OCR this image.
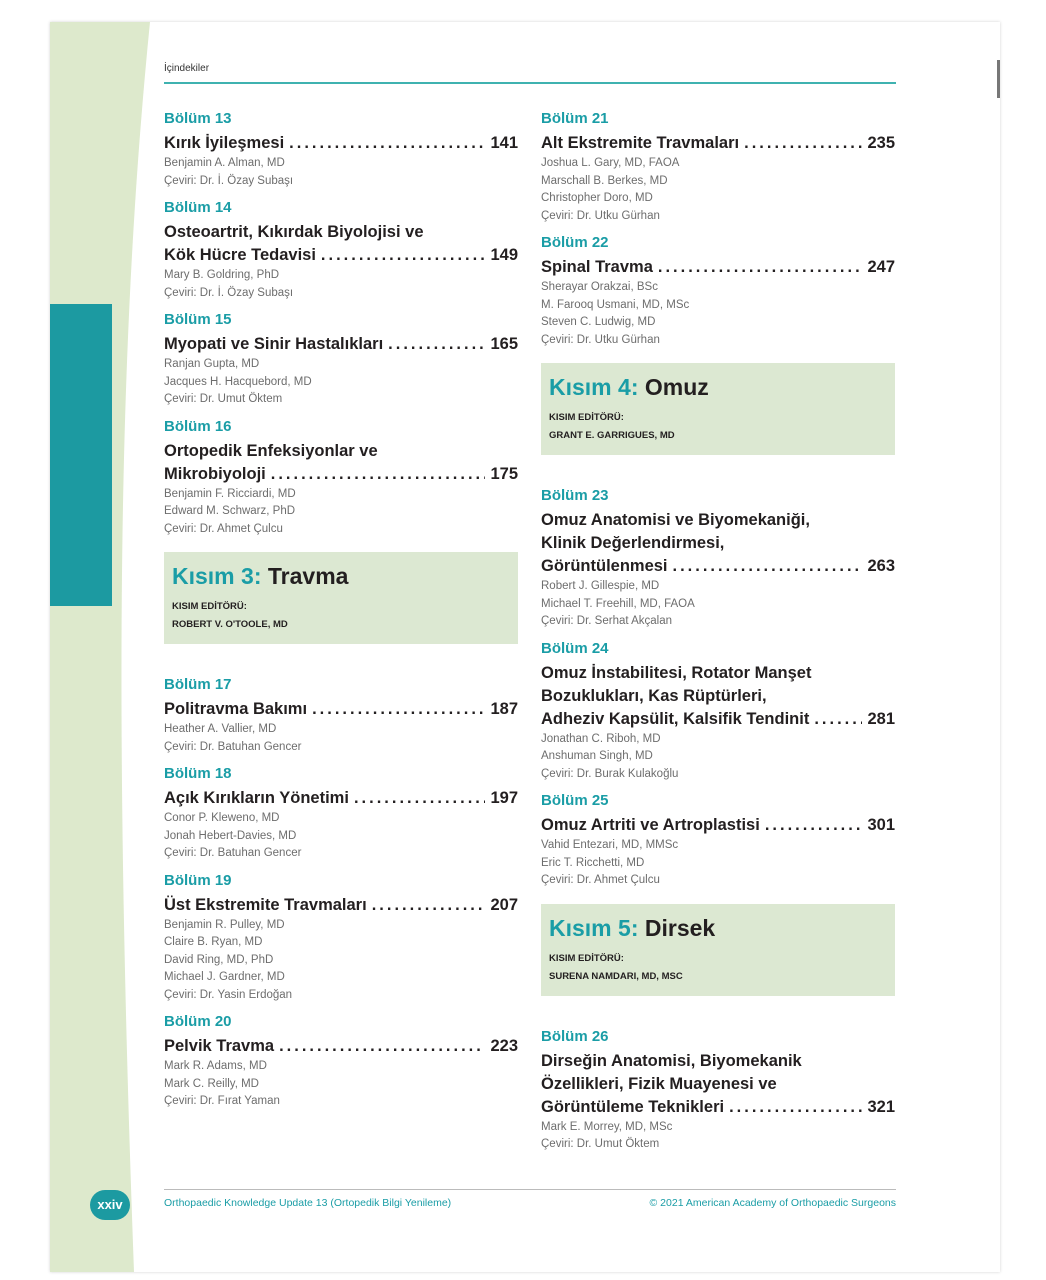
İçindekiler
Bölüm 13
Kırık İyileşmesi .....	141
Benjamin A. Alman, MD
Çeviri: Dr. İ. Özay Subaşı
Bölüm 14
Osteoartrit, Kıkırdak Biyolojisi ve
Kök Hücre Tedavisi .....	149
Mary B. Goldring, PhD
Çeviri: Dr. İ. Özay Subaşı
Bölüm 15
Myopati ve Sinir Hastalıkları .....	165
Ranjan Gupta, MD
Jacques H. Hacquebord, MD
Çeviri: Dr. Umut Öktem
Bölüm 16
Ortopedik Enfeksiyonlar ve
Mikrobiyoloji .....	175
Benjamin F. Ricciardi, MD
Edward M. Schwarz, PhD
Çeviri: Dr. Ahmet Çulcu
Kısım 3: Travma
KISIM EDİTÖRÜ:
ROBERT V. O'TOOLE, MD
Bölüm 17
Politravma Bakımı .....	187
Heather A. Vallier, MD
Çeviri: Dr. Batuhan Gencer
Bölüm 18
Açık Kırıkların Yönetimi .....	197
Conor P. Kleweno, MD
Jonah Hebert-Davies, MD
Çeviri: Dr. Batuhan Gencer
Bölüm 19
Üst Ekstremite Travmaları .....	207
Benjamin R. Pulley, MD
Claire B. Ryan, MD
David Ring, MD, PhD
Michael J. Gardner, MD
Çeviri: Dr. Yasin Erdoğan
Bölüm 20
Pelvik Travma .....	223
Mark R. Adams, MD
Mark C. Reilly, MD
Çeviri: Dr. Fırat Yaman
Bölüm 21
Alt Ekstremite Travmaları .....	235
Joshua L. Gary, MD, FAOA
Marschall B. Berkes, MD
Christopher Doro, MD
Çeviri: Dr. Utku Gürhan
Bölüm 22
Spinal Travma .....	247
Sherayar Orakzai, BSc
M. Farooq Usmani, MD, MSc
Steven C. Ludwig, MD
Çeviri: Dr. Utku Gürhan
Kısım 4: Omuz
KISIM EDİTÖRÜ:
GRANT E. GARRIGUES, MD
Bölüm 23
Omuz Anatomisi ve Biyomekaniği,
Klinik Değerlendirmesi,
Görüntülenmesi .....	263
Robert J. Gillespie, MD
Michael T. Freehill, MD, FAOA
Çeviri: Dr. Serhat Akçalan
Bölüm 24
Omuz İnstabilitesi, Rotator Manşet
Bozuklukları, Kas Rüptürleri,
Adheziv Kapsülit, Kalsifik Tendinit .....	281
Jonathan C. Riboh, MD
Anshuman Singh, MD
Çeviri: Dr. Burak Kulakoğlu
Bölüm 25
Omuz Artriti ve Artroplastisi .....	301
Vahid Entezari, MD, MMSc
Eric T. Ricchetti, MD
Çeviri: Dr. Ahmet Çulcu
Kısım 5: Dirsek
KISIM EDİTÖRÜ:
SURENA NAMDARI, MD, MSC
Bölüm 26
Dirseğin Anatomisi, Biyomekanik
Özellikleri, Fizik Muayenesi ve
Görüntüleme Teknikleri .....	321
Mark E. Morrey, MD, MSc
Çeviri: Dr. Umut Öktem
xxiv	Orthopaedic Knowledge Update 13 (Ortopedik Bilgi Yenileme)	© 2021 American Academy of Orthopaedic Surgeons
